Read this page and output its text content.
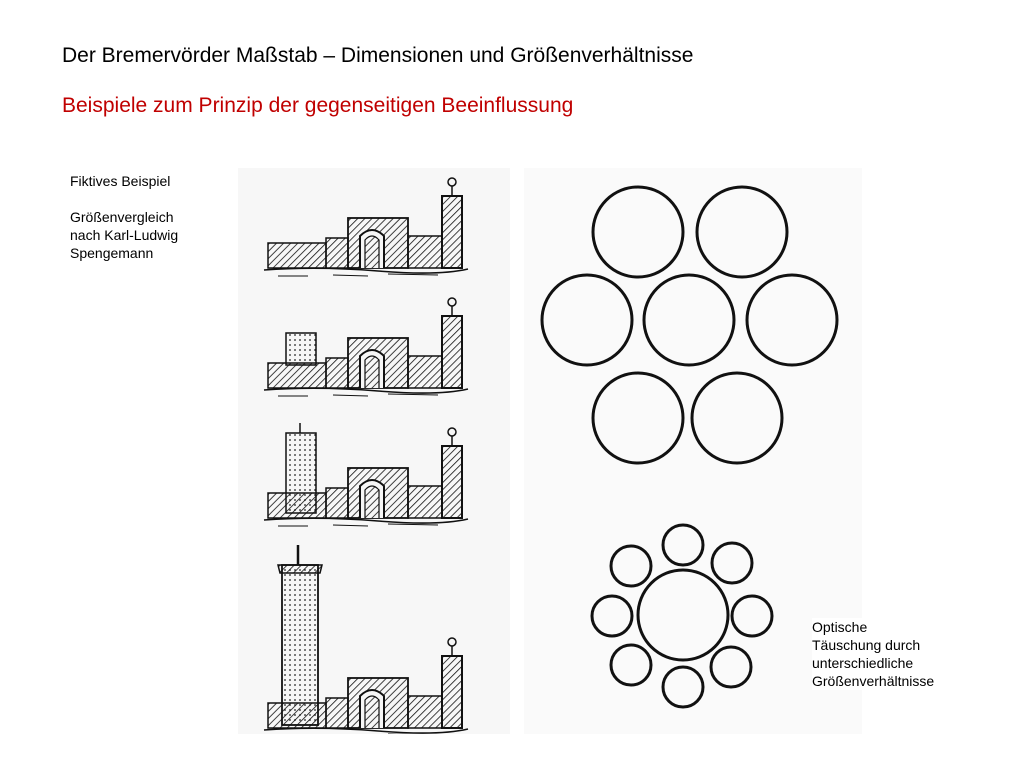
Der Bremervörder Maßstab – Dimensionen und Größenverhältnisse
Beispiele zum Prinzip der gegenseitigen Beeinflussung

Fiktives Beispiel

Größenvergleich

nach Karl-Ludwig

Spengemann

Optische

Täuschung durch

unterschiedliche

Größenverhältnisse
